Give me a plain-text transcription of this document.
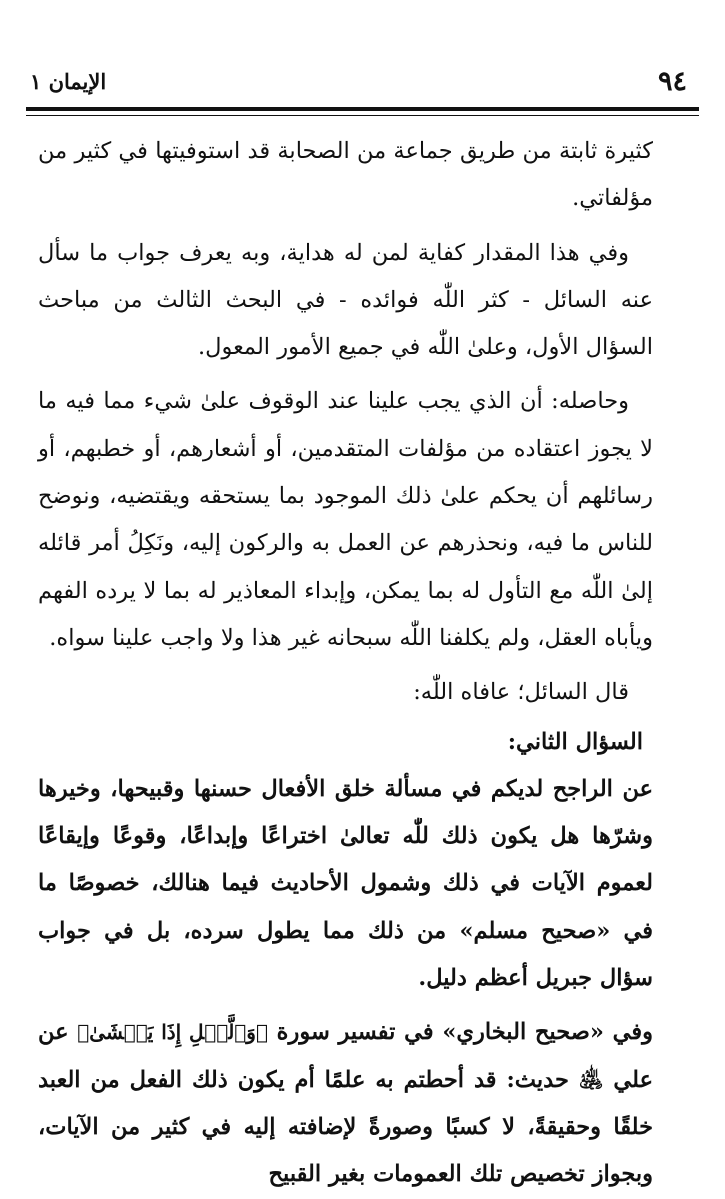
٩٤
الإيمان ١

كثيرة ثابتة من طريق جماعة من الصحابة قد استوفيتها في كثير من مؤلفاتي.

وفي هذا المقدار كفاية لمن له هداية، وبه يعرف جواب ما سأل عنه السائل - كثر اللّٰه فوائده - في البحث الثالث من مباحث السؤال الأول، وعلىٰ اللّٰه في جميع الأمور المعول.

وحاصله: أن الذي يجب علينا عند الوقوف علىٰ شيء مما فيه ما لا يجوز اعتقاده من مؤلفات المتقدمين، أو أشعارهم، أو خطبهم، أو رسائلهم أن يحكم علىٰ ذلك الموجود بما يستحقه ويقتضيه، ونوضح للناس ما فيه، ونحذرهم عن العمل به والركون إليه، ونَكِلُ أمر قائله إلىٰ اللّٰه مع التأول له بما يمكن، وإبداء المعاذير له بما لا يرده الفهم ويأباه العقل، ولم يكلفنا اللّٰه سبحانه غير هذا ولا واجب علينا سواه.

قال السائل؛ عافاه اللّٰه:

السؤال الثاني:

عن الراجح لديكم في مسألة خلق الأفعال حسنها وقبيحها، وخيرها وشرّها هل يكون ذلك للّٰه تعالىٰ اختراعًا وإبداعًا، وقوعًا وإيقاعًا لعموم الآيات في ذلك وشمول الأحاديث فيما هنالك، خصوصًا ما في «صحيح مسلم» من ذلك مما يطول سرده، بل في جواب سؤال جبريل أعظم دليل.

وفي «صحيح البخاري» في تفسير سورة ﴿وَٱلَّيۡلِ إِذَا يَغۡشَىٰ﴾ عن علي ﵁ حديث: قد أحطتم به علمًا أم يكون ذلك الفعل من العبد خلقًا وحقيقةً، لا كسبًا وصورةً لإضافته إليه في كثير من الآيات، وبجواز تخصيص تلك العمومات بغير القبيح
